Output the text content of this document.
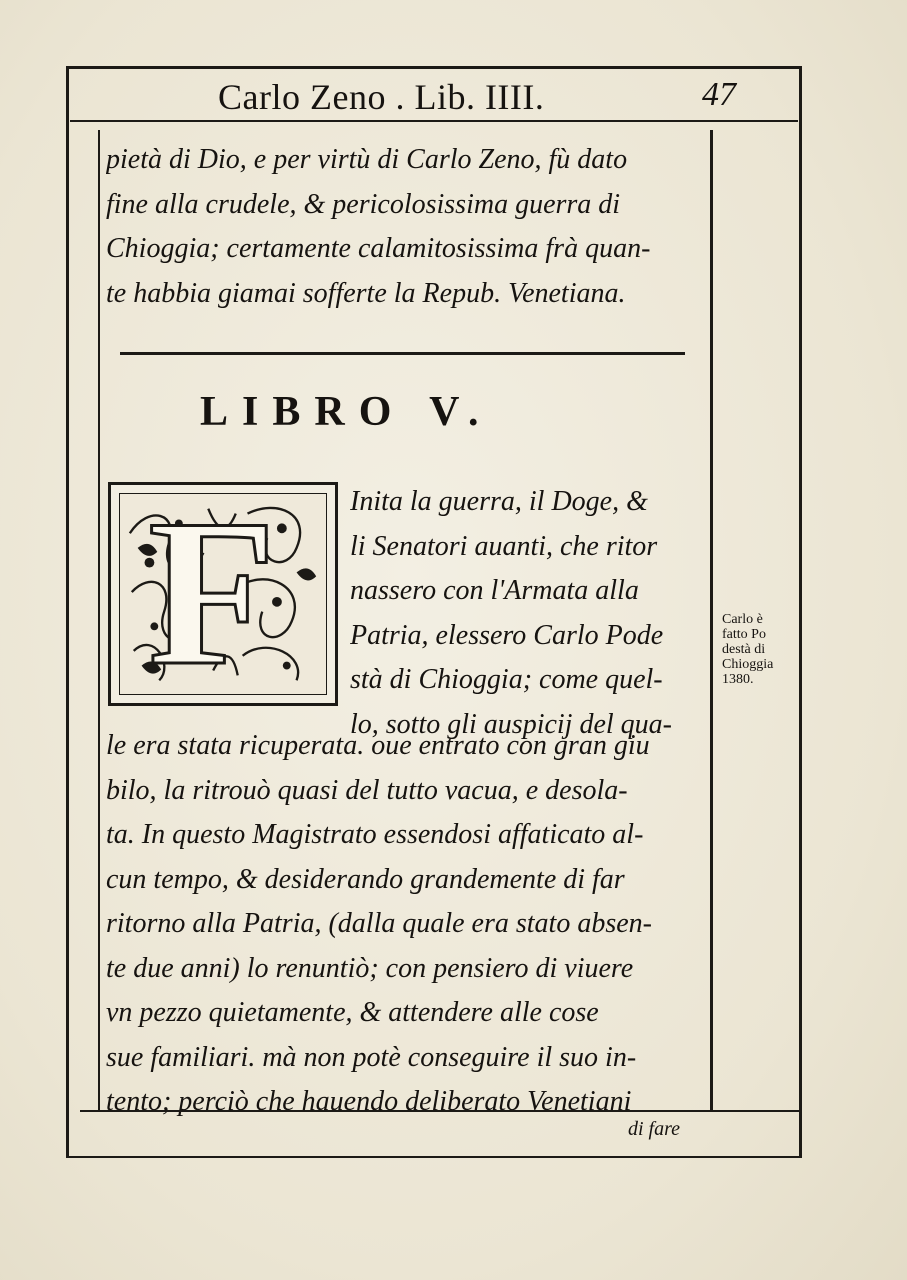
Carlo Zeno . Lib. IIII.	47
pietà di Dio, e per virtù di Carlo Zeno, fù dato
fine alla crudele, & pericolosissima guerra di
Chioggia; certamente calamitosissima frà quan-
te habbia giamai sofferte la Repub. Venetiana.
LIBRO V.
F	Inita la guerra, il Doge, &
li Senatori auanti, che ritor
nassero con l'Armata alla
Patria, elessero Carlo Pode
stà di Chioggia; come quel-
lo, sotto gli auspicij del qua-
le era stata ricuperata. oue entrato con gran giu
bilo, la ritrouò quasi del tutto vacua, e desola-
ta. In questo Magistrato essendosi affaticato al-
cun tempo, & desiderando grandemente di far
ritorno alla Patria, (dalla quale era stato absen-
te due anni) lo renuntiò; con pensiero di viuere
vn pezzo quietamente, & attendere alle cose
sue familiari. mà non potè conseguire il suo in-
tento; perciò che hauendo deliberato Venetiani
Carlo è
fatto Po
destà di
Chioggia
1380.
di fare
